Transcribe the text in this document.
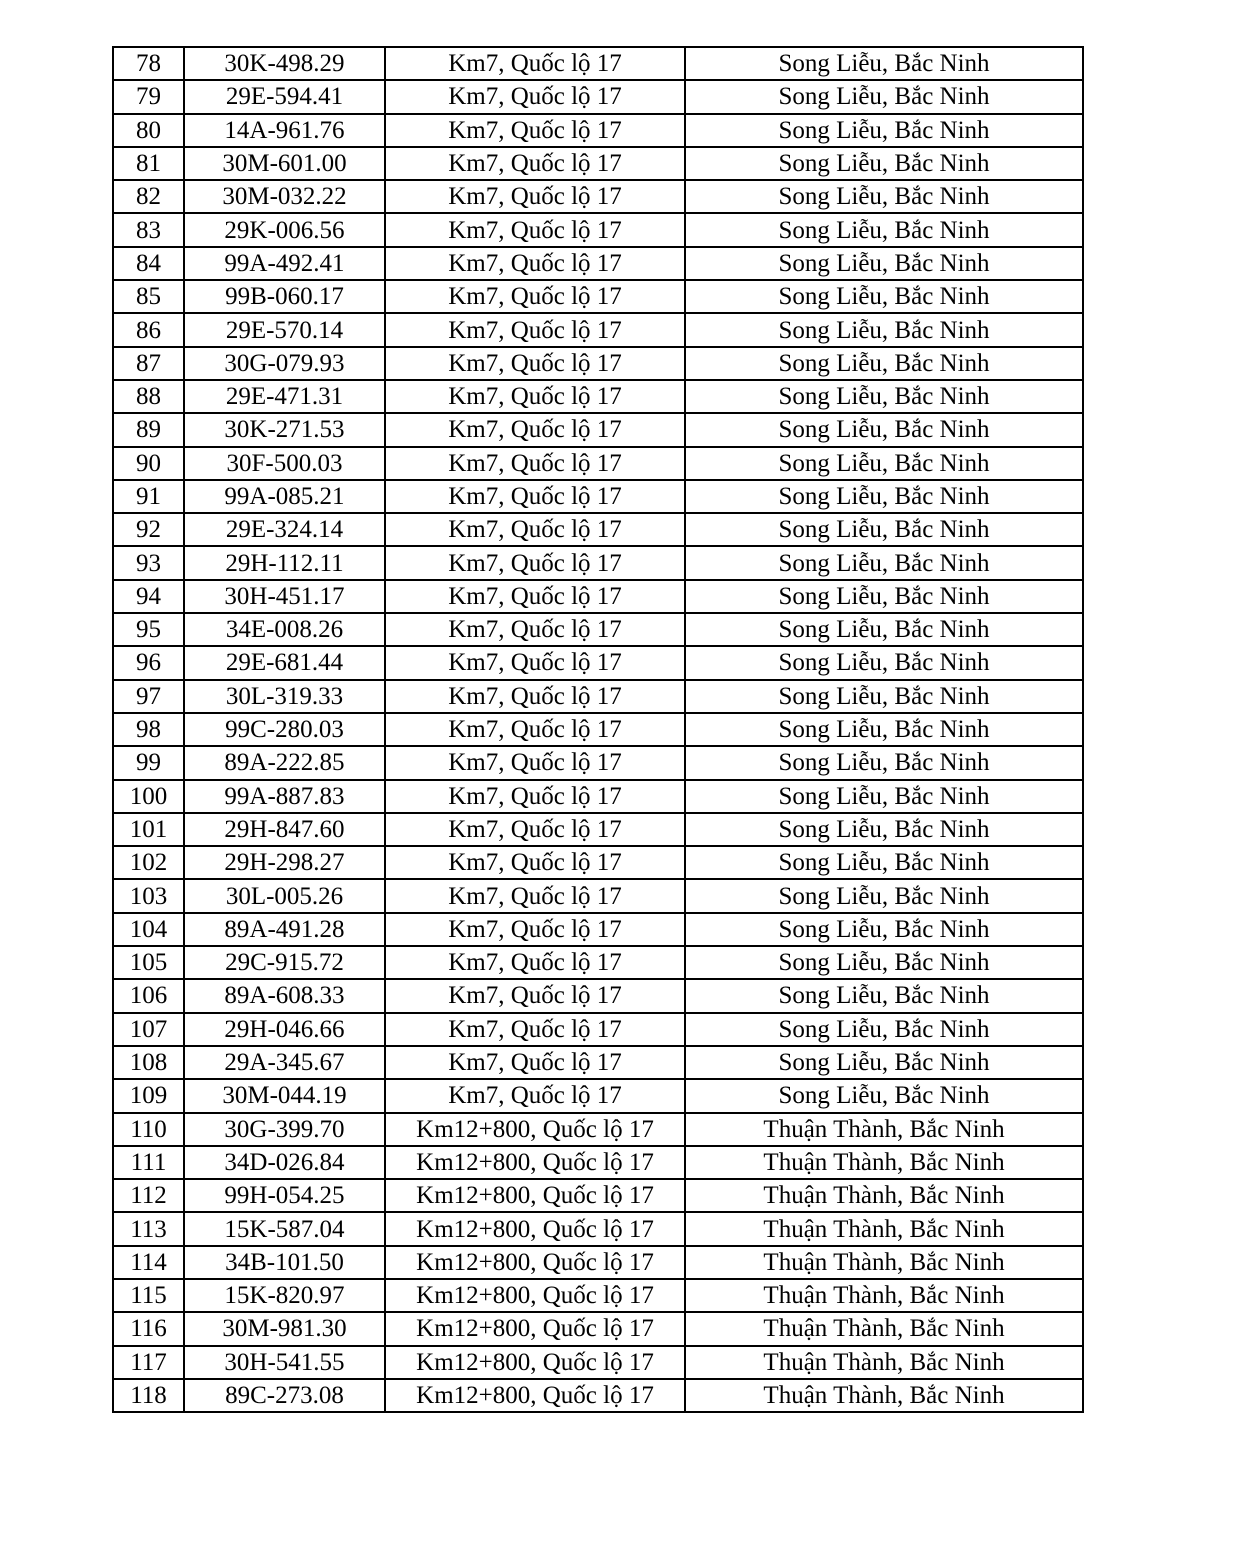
78	30K-498.29	Km7, Quốc lộ 17	Song Liễu, Bắc Ninh
79	29E-594.41	Km7, Quốc lộ 17	Song Liễu, Bắc Ninh
80	14A-961.76	Km7, Quốc lộ 17	Song Liễu, Bắc Ninh
81	30M-601.00	Km7, Quốc lộ 17	Song Liễu, Bắc Ninh
82	30M-032.22	Km7, Quốc lộ 17	Song Liễu, Bắc Ninh
83	29K-006.56	Km7, Quốc lộ 17	Song Liễu, Bắc Ninh
84	99A-492.41	Km7, Quốc lộ 17	Song Liễu, Bắc Ninh
85	99B-060.17	Km7, Quốc lộ 17	Song Liễu, Bắc Ninh
86	29E-570.14	Km7, Quốc lộ 17	Song Liễu, Bắc Ninh
87	30G-079.93	Km7, Quốc lộ 17	Song Liễu, Bắc Ninh
88	29E-471.31	Km7, Quốc lộ 17	Song Liễu, Bắc Ninh
89	30K-271.53	Km7, Quốc lộ 17	Song Liễu, Bắc Ninh
90	30F-500.03	Km7, Quốc lộ 17	Song Liễu, Bắc Ninh
91	99A-085.21	Km7, Quốc lộ 17	Song Liễu, Bắc Ninh
92	29E-324.14	Km7, Quốc lộ 17	Song Liễu, Bắc Ninh
93	29H-112.11	Km7, Quốc lộ 17	Song Liễu, Bắc Ninh
94	30H-451.17	Km7, Quốc lộ 17	Song Liễu, Bắc Ninh
95	34E-008.26	Km7, Quốc lộ 17	Song Liễu, Bắc Ninh
96	29E-681.44	Km7, Quốc lộ 17	Song Liễu, Bắc Ninh
97	30L-319.33	Km7, Quốc lộ 17	Song Liễu, Bắc Ninh
98	99C-280.03	Km7, Quốc lộ 17	Song Liễu, Bắc Ninh
99	89A-222.85	Km7, Quốc lộ 17	Song Liễu, Bắc Ninh
100	99A-887.83	Km7, Quốc lộ 17	Song Liễu, Bắc Ninh
101	29H-847.60	Km7, Quốc lộ 17	Song Liễu, Bắc Ninh
102	29H-298.27	Km7, Quốc lộ 17	Song Liễu, Bắc Ninh
103	30L-005.26	Km7, Quốc lộ 17	Song Liễu, Bắc Ninh
104	89A-491.28	Km7, Quốc lộ 17	Song Liễu, Bắc Ninh
105	29C-915.72	Km7, Quốc lộ 17	Song Liễu, Bắc Ninh
106	89A-608.33	Km7, Quốc lộ 17	Song Liễu, Bắc Ninh
107	29H-046.66	Km7, Quốc lộ 17	Song Liễu, Bắc Ninh
108	29A-345.67	Km7, Quốc lộ 17	Song Liễu, Bắc Ninh
109	30M-044.19	Km7, Quốc lộ 17	Song Liễu, Bắc Ninh
110	30G-399.70	Km12+800, Quốc lộ 17	Thuận Thành, Bắc Ninh
111	34D-026.84	Km12+800, Quốc lộ 17	Thuận Thành, Bắc Ninh
112	99H-054.25	Km12+800, Quốc lộ 17	Thuận Thành, Bắc Ninh
113	15K-587.04	Km12+800, Quốc lộ 17	Thuận Thành, Bắc Ninh
114	34B-101.50	Km12+800, Quốc lộ 17	Thuận Thành, Bắc Ninh
115	15K-820.97	Km12+800, Quốc lộ 17	Thuận Thành, Bắc Ninh
116	30M-981.30	Km12+800, Quốc lộ 17	Thuận Thành, Bắc Ninh
117	30H-541.55	Km12+800, Quốc lộ 17	Thuận Thành, Bắc Ninh
118	89C-273.08	Km12+800, Quốc lộ 17	Thuận Thành, Bắc Ninh
